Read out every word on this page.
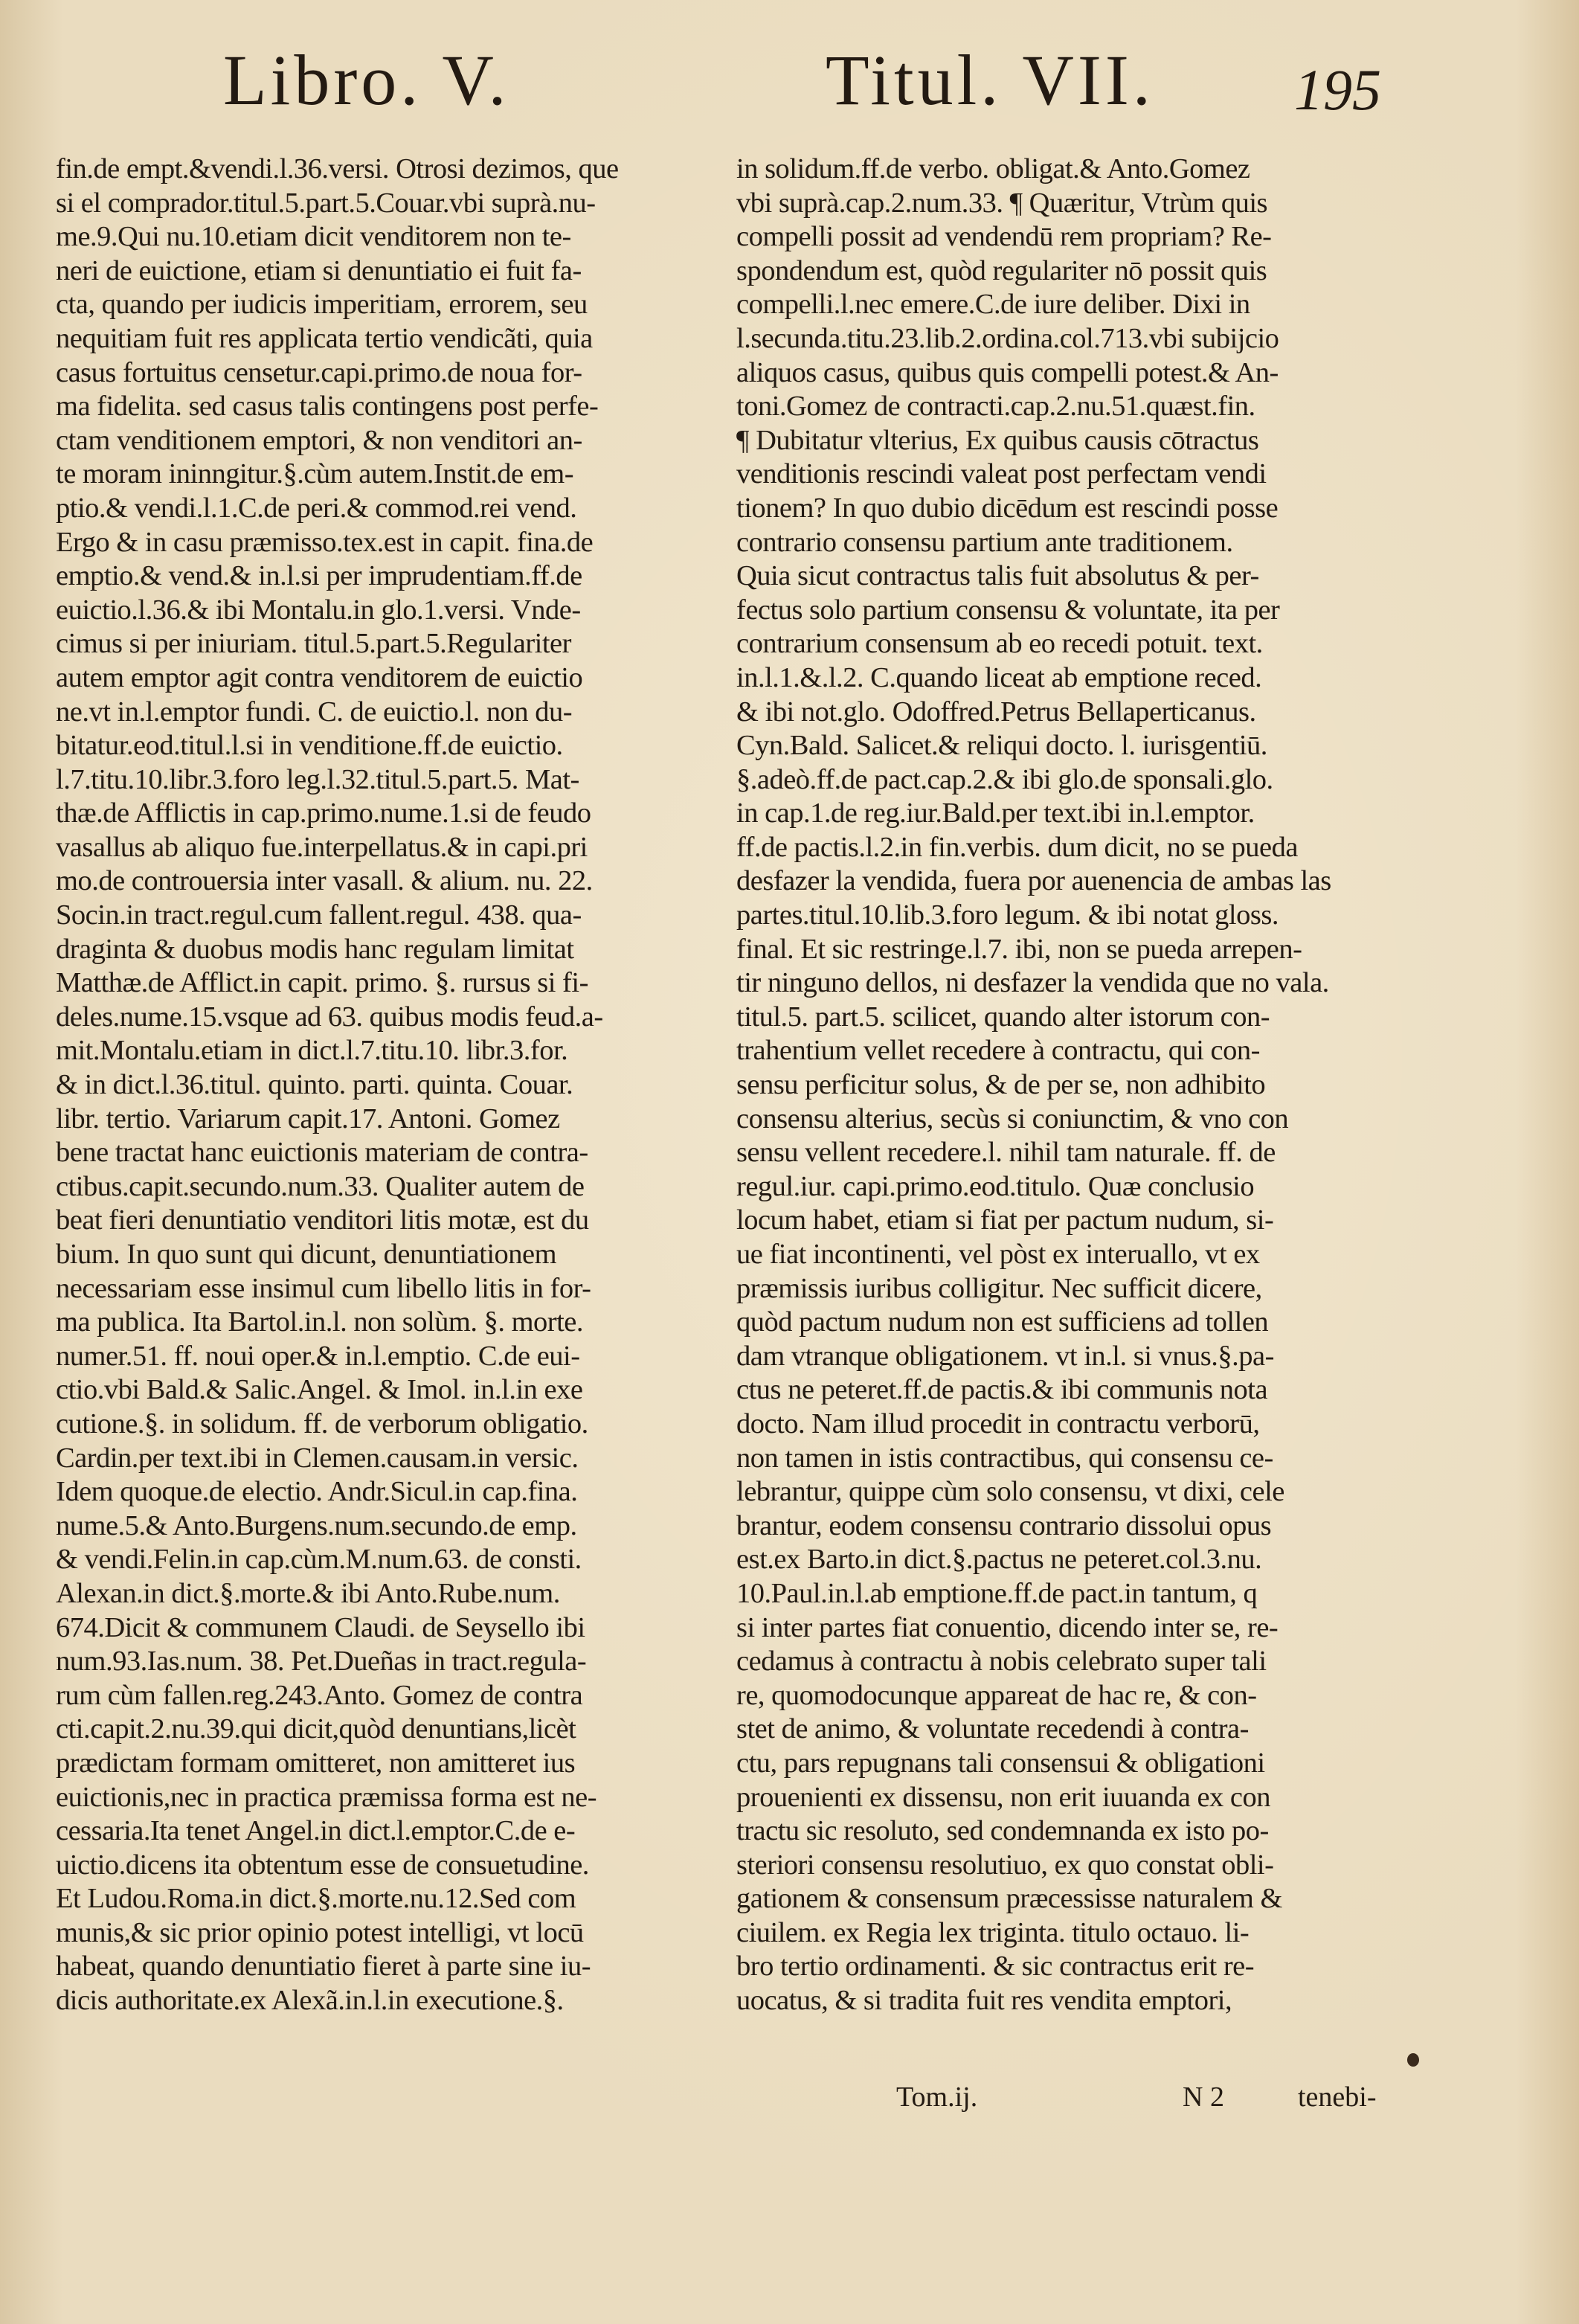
Libro. V.	Titul. VII. 195
fin.de empt.&vendi.l.36.versi. Otrosi dezimos, que
si el comprador.titul.5.part.5.Couar.vbi suprà.nu-
me.9.Qui nu.10.etiam dicit venditorem non te-
neri de euictione, etiam si denuntiatio ei fuit fa-
cta, quando per iudicis imperitiam, errorem, seu
nequitiam fuit res applicata tertio vendicãti, quia
casus fortuitus censetur.capi.primo.de noua for-
ma fidelita. sed casus talis contingens post perfe-
ctam venditionem emptori, & non venditori an-
te moram ininngitur.§.cùm autem.Instit.de em-
ptio.& vendi.l.1.C.de peri.& commod.rei vend.
Ergo & in casu præmisso.tex.est in capit. fina.de
emptio.& vend.& in.l.si per imprudentiam.ff.de
euictio.l.36.& ibi Montalu.in glo.1.versi. Vnde-
cimus si per iniuriam. titul.5.part.5.Regulariter
autem emptor agit contra venditorem de euictio
ne.vt in.l.emptor fundi. C. de euictio.l. non du-
bitatur.eod.titul.l.si in venditione.ff.de euictio.
l.7.titu.10.libr.3.foro leg.l.32.titul.5.part.5. Mat-
thæ.de Afflictis in cap.primo.nume.1.si de feudo
vasallus ab aliquo fue.interpellatus.& in capi.pri
mo.de controuersia inter vasall. & alium. nu. 22.
Socin.in tract.regul.cum fallent.regul. 438. qua-
draginta & duobus modis hanc regulam limitat
Matthæ.de Afflict.in capit. primo. §. rursus si fi-
deles.nume.15.vsque ad 63. quibus modis feud.a-
mit.Montalu.etiam in dict.l.7.titu.10. libr.3.for.
& in dict.l.36.titul. quinto. parti. quinta. Couar.
libr. tertio. Variarum capit.17. Antoni. Gomez
bene tractat hanc euictionis materiam de contra-
ctibus.capit.secundo.num.33. Qualiter autem de
beat fieri denuntiatio venditori litis motæ, est du
bium. In quo sunt qui dicunt, denuntiationem
necessariam esse insimul cum libello litis in for-
ma publica. Ita Bartol.in.l. non solùm. §. morte.
numer.51. ff. noui oper.& in.l.emptio. C.de eui-
ctio.vbi Bald.& Salic.Angel. & Imol. in.l.in exe
cutione.§. in solidum. ff. de verborum obligatio.
Cardin.per text.ibi in Clemen.causam.in versic.
Idem quoque.de electio. Andr.Sicul.in cap.fina.
nume.5.& Anto.Burgens.num.secundo.de emp.
& vendi.Felin.in cap.cùm.M.num.63. de consti.
Alexan.in dict.§.morte.& ibi Anto.Rube.num.
674.Dicit & communem Claudi. de Seysello ibi
num.93.Ias.num. 38. Pet.Dueñas in tract.regula-
rum cùm fallen.reg.243.Anto. Gomez de contra
cti.capit.2.nu.39.qui dicit,quòd denuntians,licèt
prædictam formam omitteret, non amitteret ius
euictionis,nec in practica præmissa forma est ne-
cessaria.Ita tenet Angel.in dict.l.emptor.C.de e-
uictio.dicens ita obtentum esse de consuetudine.
Et Ludou.Roma.in dict.§.morte.nu.12.Sed com
munis,& sic prior opinio potest intelligi, vt locū
habeat, quando denuntiatio fieret à parte sine iu-
dicis authoritate.ex Alexã.in.l.in executione.§.
in solidum.ff.de verbo. obligat.& Anto.Gomez
vbi suprà.cap.2.num.33. ¶ Quæritur, Vtrùm quis
compelli possit ad vendendū rem propriam? Re-
spondendum est, quòd regulariter nō possit quis
compelli.l.nec emere.C.de iure deliber. Dixi in
l.secunda.titu.23.lib.2.ordina.col.713.vbi subijcio
aliquos casus, quibus quis compelli potest.& An-
toni.Gomez de contracti.cap.2.nu.51.quæst.fin.
¶ Dubitatur vlterius, Ex quibus causis cōtractus
venditionis rescindi valeat post perfectam vendi
tionem? In quo dubio dicēdum est rescindi posse
contrario consensu partium ante traditionem.
Quia sicut contractus talis fuit absolutus & per-
fectus solo partium consensu & voluntate, ita per
contrarium consensum ab eo recedi potuit. text.
in.l.1.&.l.2. C.quando liceat ab emptione reced.
& ibi not.glo. Odoffred.Petrus Bellaperticanus.
Cyn.Bald. Salicet.& reliqui docto. l. iurisgentiū.
§.adeò.ff.de pact.cap.2.& ibi glo.de sponsali.glo.
in cap.1.de reg.iur.Bald.per text.ibi in.l.emptor.
ff.de pactis.l.2.in fin.verbis. dum dicit, no se pueda
desfazer la vendida, fuera por auenencia de ambas las
partes.titul.10.lib.3.foro legum. & ibi notat gloss.
final. Et sic restringe.l.7. ibi, non se pueda arrepen-
tir ninguno dellos, ni desfazer la vendida que no vala.
titul.5. part.5. scilicet, quando alter istorum con-
trahentium vellet recedere à contractu, qui con-
sensu perficitur solus, & de per se, non adhibito
consensu alterius, secùs si coniunctim, & vno con
sensu vellent recedere.l. nihil tam naturale. ff. de
regul.iur. capi.primo.eod.titulo. Quæ conclusio
locum habet, etiam si fiat per pactum nudum, si-
ue fiat incontinenti, vel pòst ex interuallo, vt ex
præmissis iuribus colligitur. Nec sufficit dicere,
quòd pactum nudum non est sufficiens ad tollen
dam vtranque obligationem. vt in.l. si vnus.§.pa-
ctus ne peteret.ff.de pactis.& ibi communis nota
docto. Nam illud procedit in contractu verborū,
non tamen in istis contractibus, qui consensu ce-
lebrantur, quippe cùm solo consensu, vt dixi, cele
brantur, eodem consensu contrario dissolui opus
est.ex Barto.in dict.§.pactus ne peteret.col.3.nu.
10.Paul.in.l.ab emptione.ff.de pact.in tantum, q
si inter partes fiat conuentio, dicendo inter se, re-
cedamus à contractu à nobis celebrato super tali
re, quomodocunque appareat de hac re, & con-
stet de animo, & voluntate recedendi à contra-
ctu, pars repugnans tali consensui & obligationi
prouenienti ex dissensu, non erit iuuanda ex con
tractu sic resoluto, sed condemnanda ex isto po-
steriori consensu resolutiuo, ex quo constat obli-
gationem & consensum præcessisse naturalem &
ciuilem. ex Regia lex triginta. titulo octauo. li-
bro tertio ordinamenti. & sic contractus erit re-
uocatus, & si tradita fuit res vendita emptori,
Tom.ij.	N 2	tenebi-
